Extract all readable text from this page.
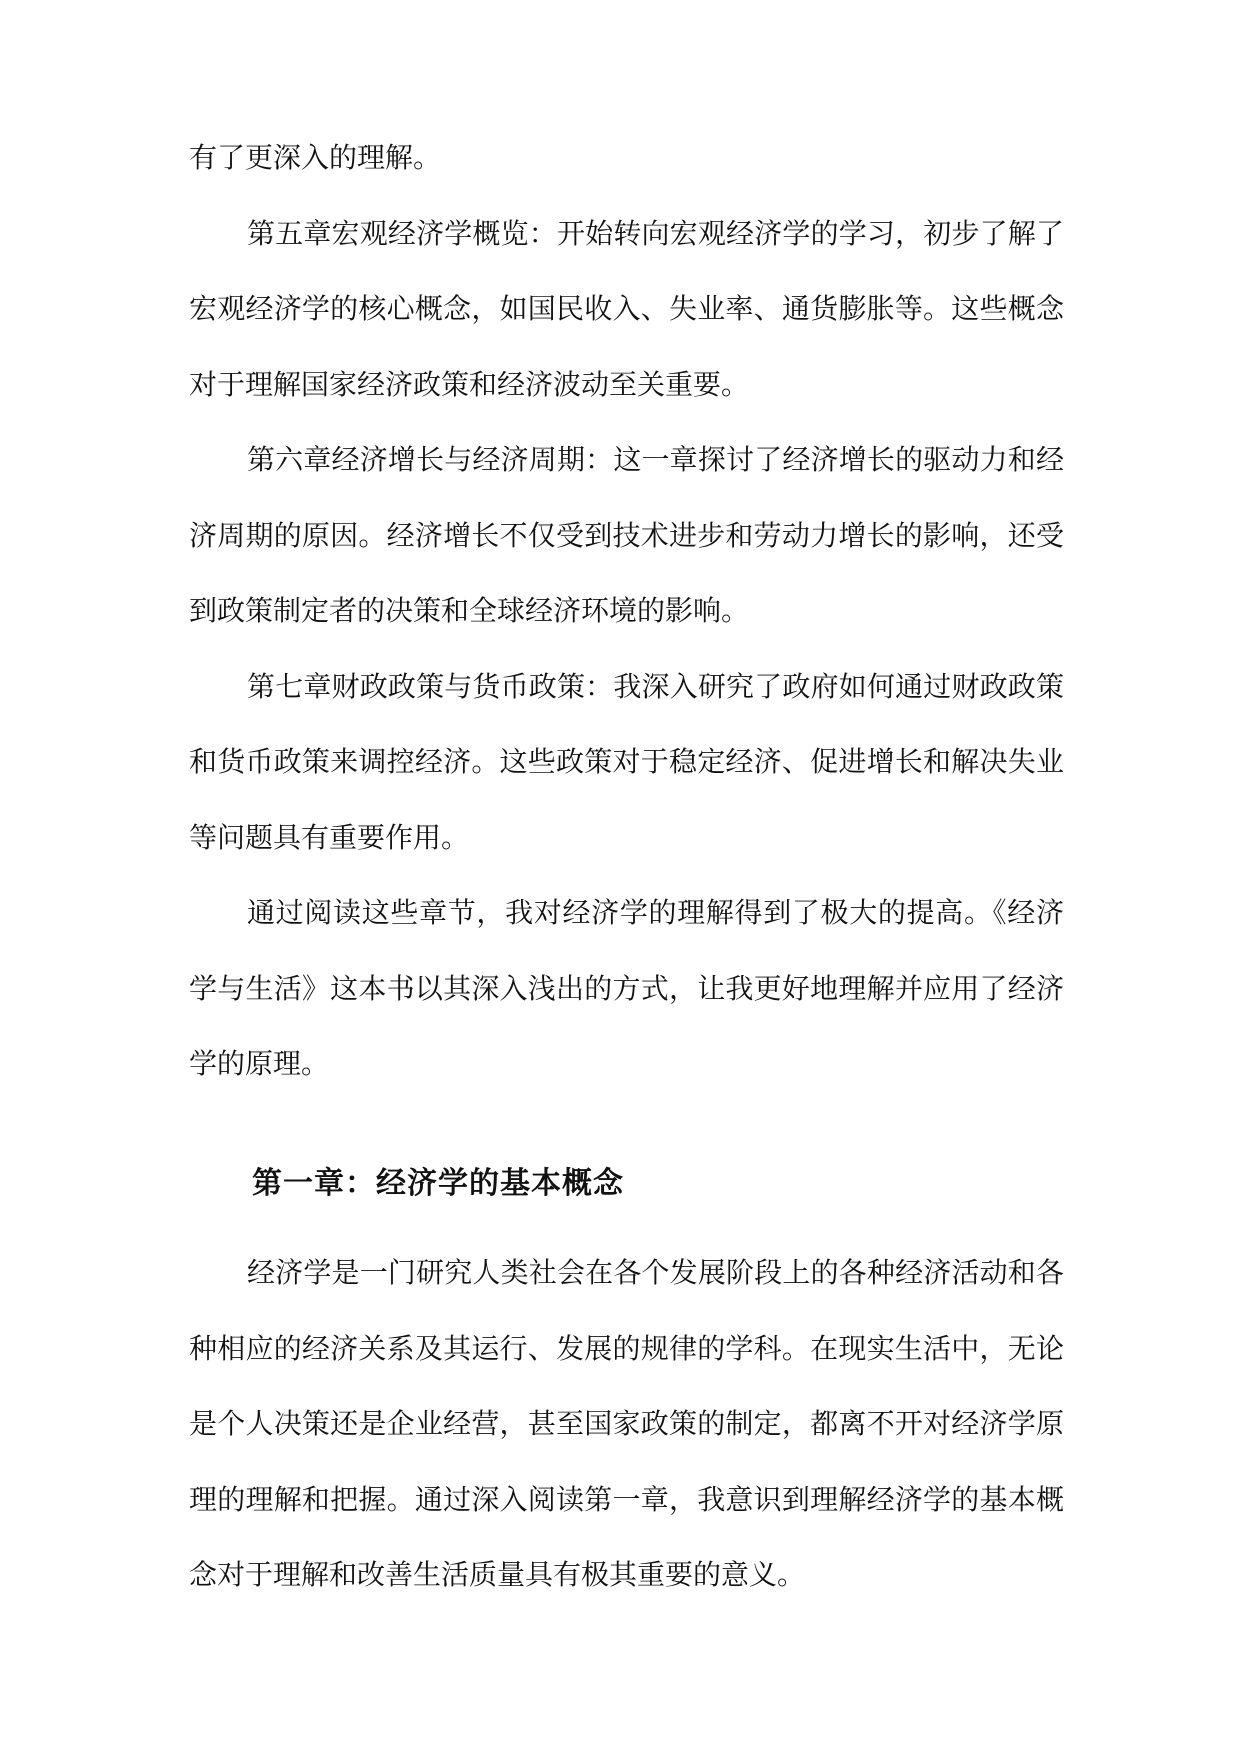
有了更深入的理解。

第五章宏观经济学概览：开始转向宏观经济学的学习，初步了解了宏观经济学的核心概念，如国民收入、失业率、通货膨胀等。这些概念对于理解国家经济政策和经济波动至关重要。

第六章经济增长与经济周期：这一章探讨了经济增长的驱动力和经济周期的原因。经济增长不仅受到技术进步和劳动力增长的影响，还受到政策制定者的决策和全球经济环境的影响。

第七章财政政策与货币政策：我深入研究了政府如何通过财政政策和货币政策来调控经济。这些政策对于稳定经济、促进增长和解决失业等问题具有重要作用。

通过阅读这些章节，我对经济学的理解得到了极大的提高。《经济学与生活》这本书以其深入浅出的方式，让我更好地理解并应用了经济学的原理。

第一章：经济学的基本概念

经济学是一门研究人类社会在各个发展阶段上的各种经济活动和各种相应的经济关系及其运行、发展的规律的学科。在现实生活中，无论是个人决策还是企业经营，甚至国家政策的制定，都离不开对经济学原理的理解和把握。通过深入阅读第一章，我意识到理解经济学的基本概念对于理解和改善生活质量具有极其重要的意义。
